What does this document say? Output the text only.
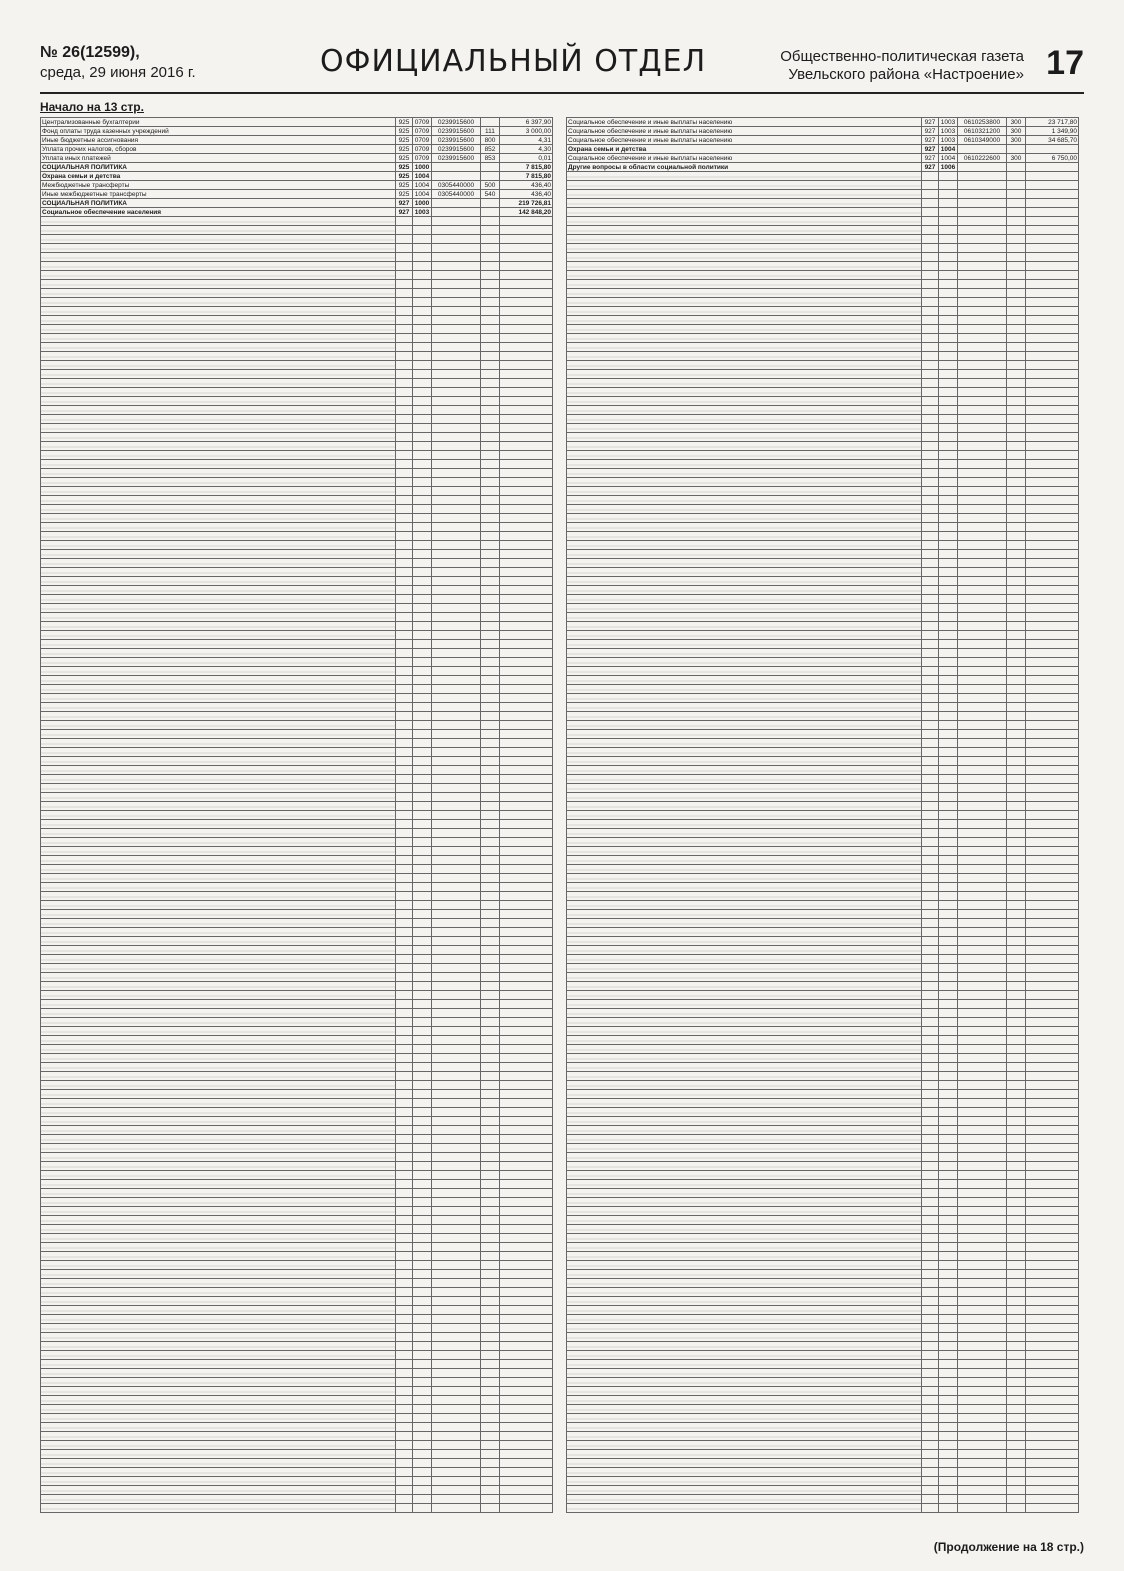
№ 26(12599),
среда, 29 июня 2016 г.	ОФИЦИАЛЬНЫЙ ОТДЕЛ	Общественно-политическая газета
Увельского района «Настроение» 17
Начало на 13 стр.
Централизованные бухгалтерии	925	0709	0239915600		6 397,90
Фонд оплаты труда казенных учреждений	925	0709	0239915600	111	3 000,00
Иные бюджетные ассигнования	925	0709	0239915600	800	4,31
Уплата прочих налогов, сборов	925	0709	0239915600	852	4,30
Уплата иных платежей	925	0709	0239915600	853	0,01
СОЦИАЛЬНАЯ ПОЛИТИКА	925	1000			7 815,80
Охрана семьи и детства	925	1004			7 815,80
Межбюджетные трансферты	925	1004	0305440000	500	436,40
Иные межбюджетные трансферты	925	1004	0305440000	540	436,40
СОЦИАЛЬНАЯ ПОЛИТИКА	927	1000			219 726,81
Социальное обеспечение населения	927	1003			142 848,20

Социальное обеспечение и иные выплаты населению	927	1003	0610253800	300	23 717,80
Социальное обеспечение и иные выплаты населению	927	1003	0610321200	300	1 349,90
Социальное обеспечение и иные выплаты населению	927	1003	0610349000	300	34 685,70
Охрана семьи и детства	927	1004			
Социальное обеспечение и иные выплаты населению	927	1004	0610222600	300	6 750,00
Другие вопросы в области социальной политики	927	1006			

(Продолжение на 18 стр.)
